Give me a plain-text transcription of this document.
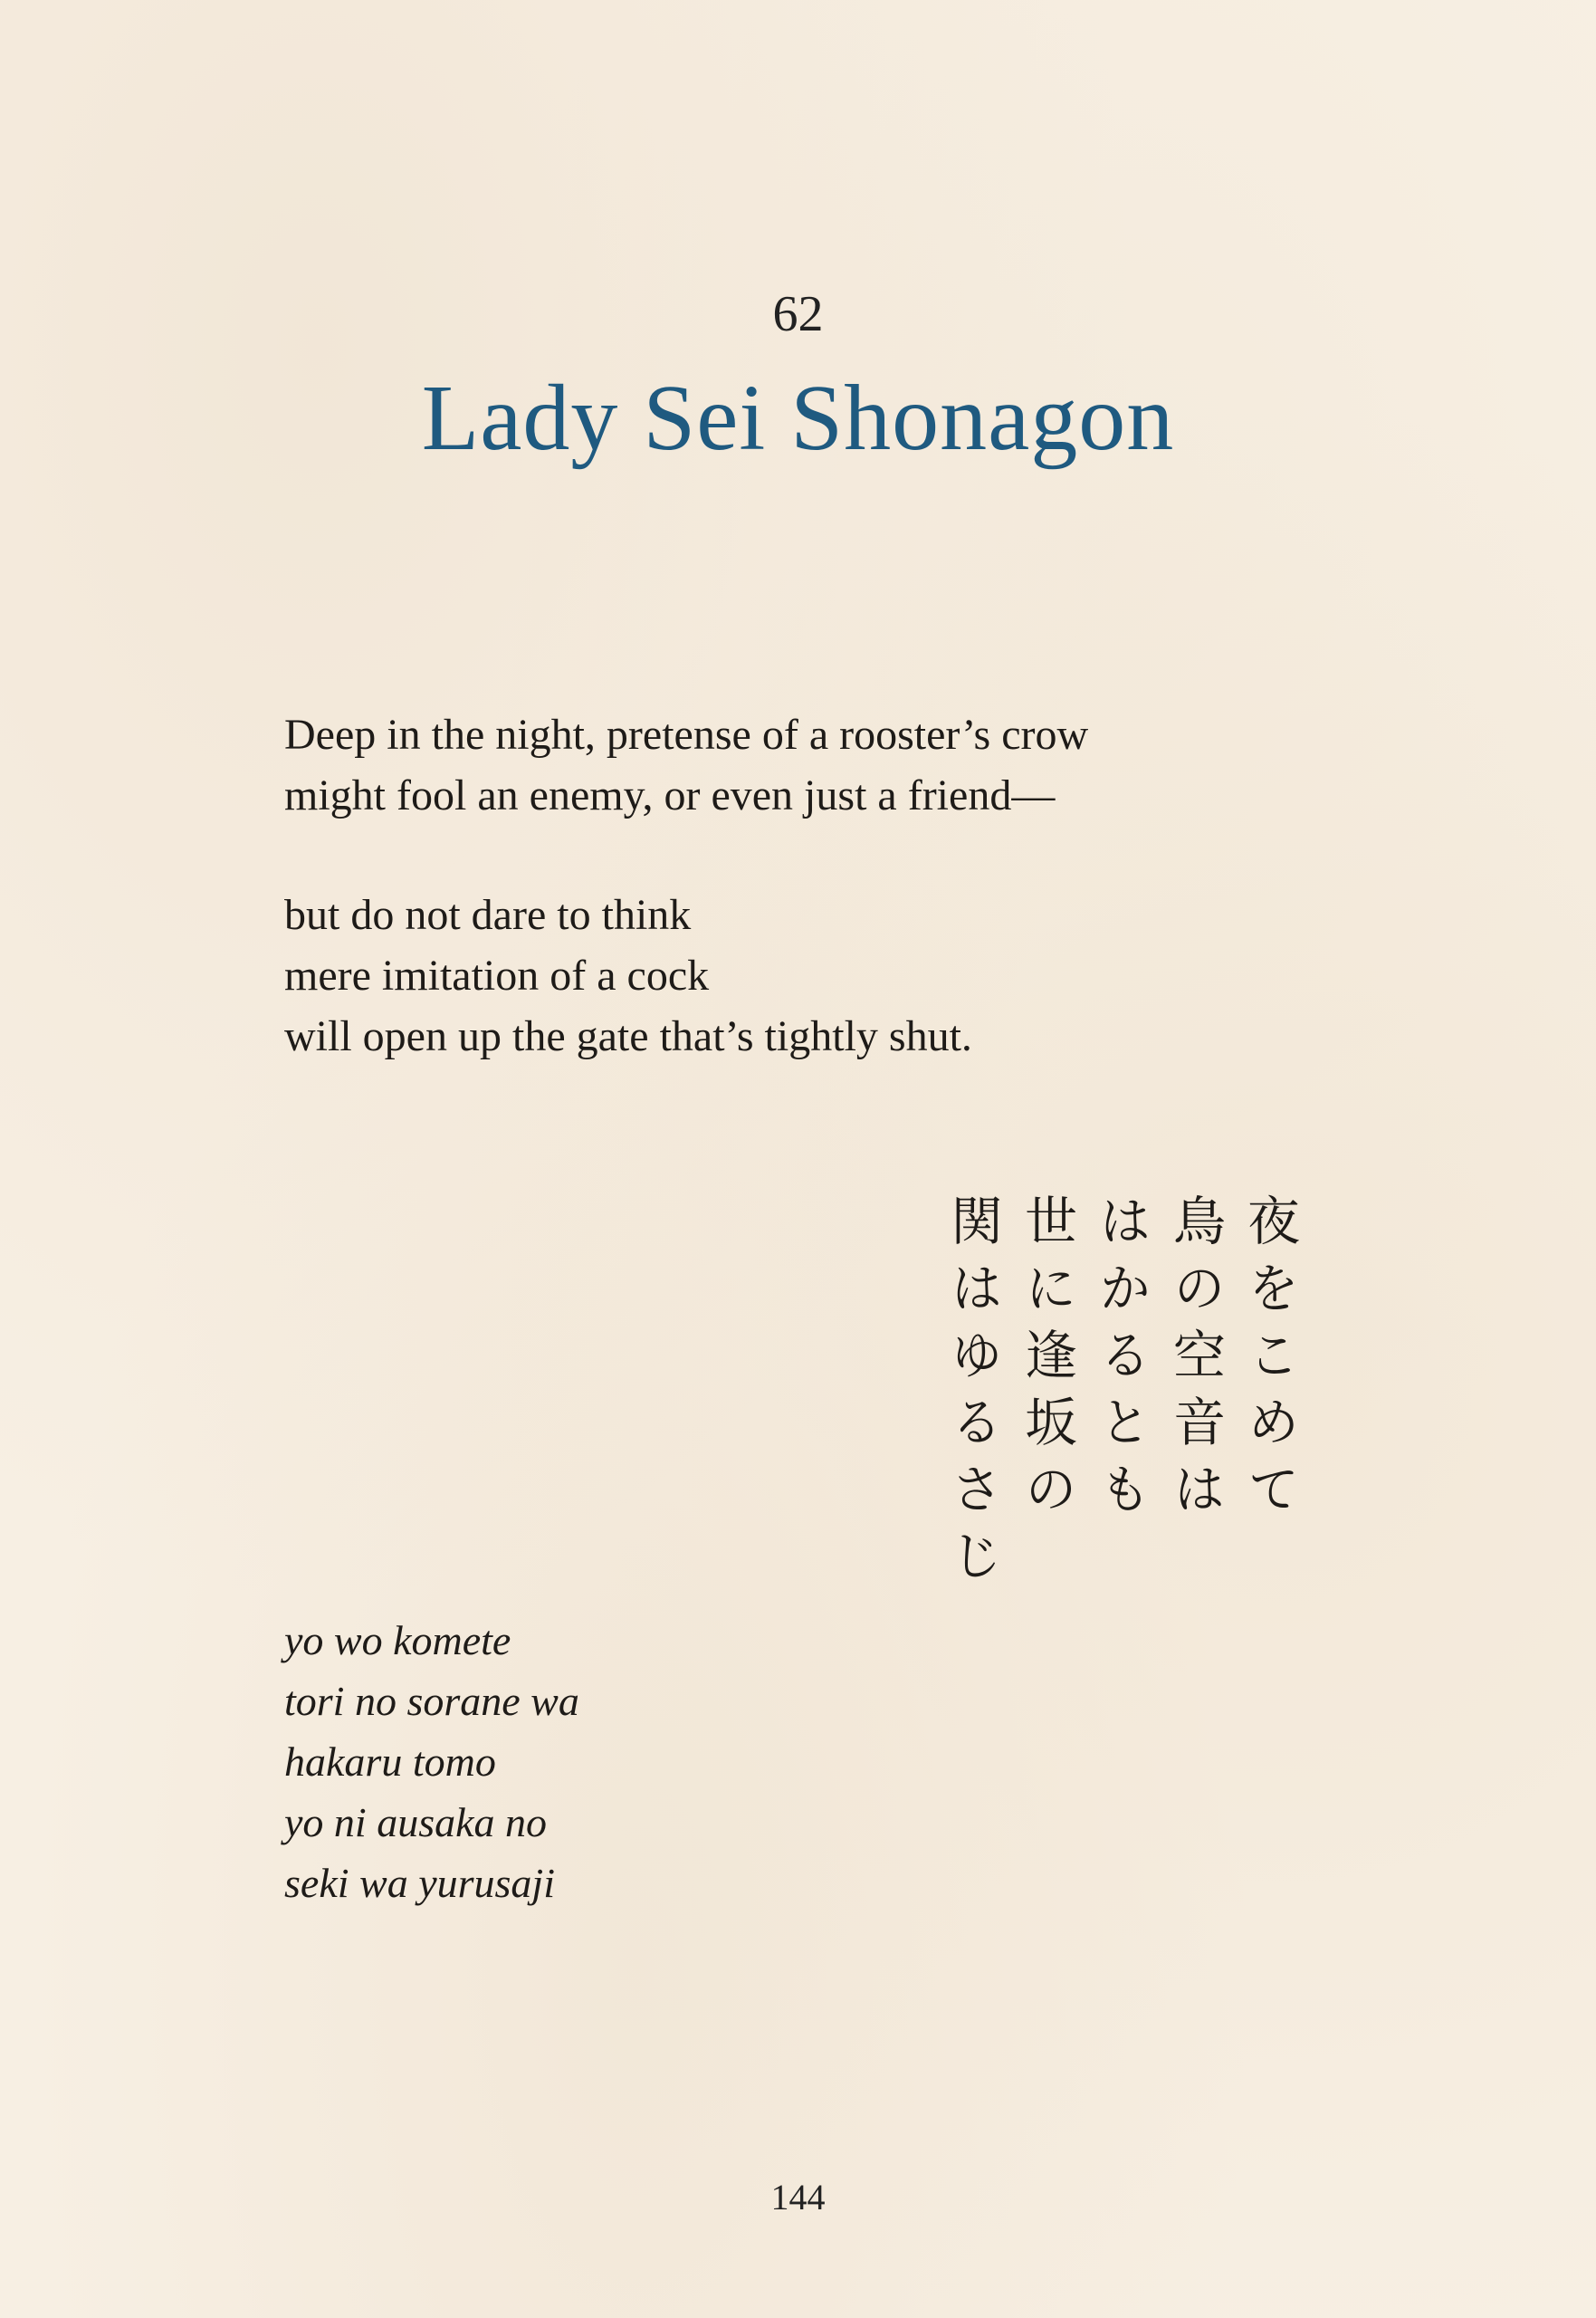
62
Lady Sei Shonagon

Deep in the night, pretense of a rooster’s crow
might fool an enemy, or even just a friend—

but do not dare to think
mere imitation of a cock
will open up the gate that’s tightly shut.

夜をこめて
鳥の空音は
はかるとも
世に逢坂の
関はゆるさじ
yo wo komete
tori no sorane wa
hakaru tomo
yo ni ausaka no
seki wa yurusaji
144
